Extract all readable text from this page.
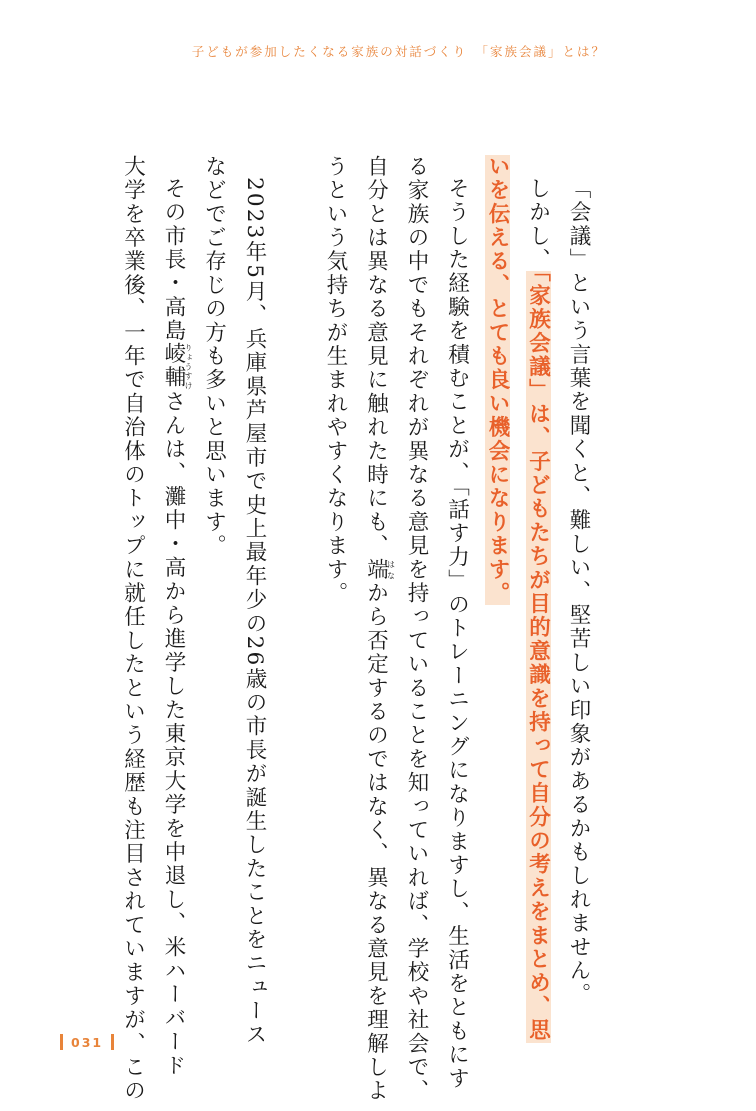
子どもが参加したくなる家族の対話づくり　「家族会議」とは？
「会議」という言葉を聞くと、難しい、堅苦しい印象があるかもしれません。
しかし、「家族会議」は、子どもたちが目的意識を持って自分の考えをまとめ、思
いを伝える、とても良い機会になります。
そうした経験を積むことが、「話す力」のトレーニングになりますし、生活をともにす
る家族の中でもそれぞれが異なる意見を持っていることを知っていれば、学校や社会で、
自分とは異なる意見に触れた時にも、端はなから否定するのではなく、異なる意見を理解しよ
うという気持ちが生まれやすくなります。
2023年5月、兵庫県芦屋市で史上最年少の26歳の市長が誕生したことをニュース
などでご存じの方も多いと思います。
その市長・高島崚輔りょうすけさんは、灘中・高から進学した東京大学を中退し、米ハーバード
大学を卒業後、一年で自治体のトップに就任したという経歴も注目されていますが、この
031
